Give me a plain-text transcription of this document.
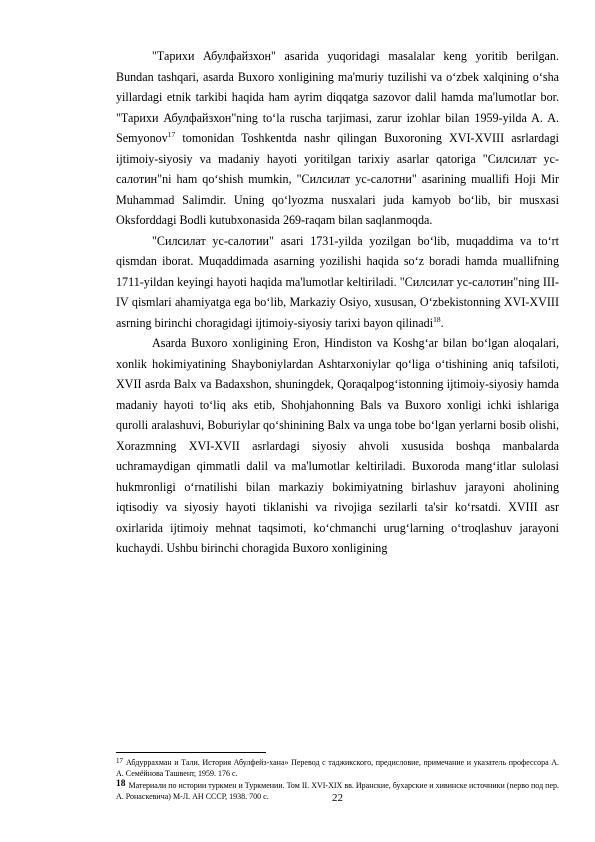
"Тарихи Абулфайзхон" asarida yuqoridagi masalalar keng yoritib berilgan. Bundan tashqari, asarda Buxoro xonligining ma'muriy tuzilishi va o‘zbek xalqining o‘sha yillardagi etnik tarkibi haqida ham ayrim diqqatga sazovor dalil hamda ma'lumotlar bor. "Тарихи Абулфайзхон"ning to‘la ruscha tarjimasi, zarur izohlar bilan 1959-yilda A. A. Semyonov$^{17}$ tomonidan Toshkentda nashr qilingan Buxoroning XVI-XVIII asrlardagi ijtimoiy-siyosiy va madaniy hayoti yoritilgan tarixiy asarlar qatoriga "Силсилат ус-салотин"ni ham qo‘shish mumkin, "Силсилат ус-салотни" asarining muallifi Hoji Mir Muhammad Salimdir. Uning qo‘lyozma nusxalari juda kamyob bo‘lib, bir musxasi Oksforddagi Bodli kutubxonasida 269-raqam bilan saqlanmoqda.

"Силсилат ус-салотии" asari 1731-yilda yozilgan bo‘lib, muqaddima va to‘rt qismdan iborat. Muqaddimada asarning yozilishi haqida so‘z boradi hamda muallifning 1711-yildan keyingi hayoti haqida ma'lumotlar keltiriladi. "Силсилат ус-салотин"ning III-IV qismlari ahamiyatga ega bo‘lib, Markaziy Osiyo, xususan, O‘zbekistonning XVI-XVIII asrning birinchi choragidagi ijtimoiy-siyosiy tarixi bayon qilinadi$^{18}$.

Asarda Buxoro xonligining Eron, Hindiston va Koshg‘ar bilan bo‘lgan aloqalari, xonlik hokimiyatining Shayboniylardan Ashtarxoniylar qo‘liga o‘tishining aniq tafsiloti, XVII asrda Balx va Badaxshon, shuningdek, Qoraqalpog‘istonning ijtimoiy-siyosiy hamda madaniy hayoti to‘liq aks etib, Shohjahonning Bals va Buxoro xonligi ichki ishlariga qurolli aralashuvi, Boburiylar qo‘shinining Balx va unga tobe bo‘lgan yerlarni bosib olishi, Xorazmning XVI-XVII asrlardagi siyosiy ahvoli xususida boshqa manbalarda uchramaydigan qimmatli dalil va ma'lumotlar keltiriladi. Buxoroda mang‘itlar sulolasi hukmronligi o‘rnatilishi bilan markaziy bokimiyatning birlashuv jarayoni aholining iqtisodiy va siyosiy hayoti tiklanishi va rivojiga sezilarli ta'sir ko‘rsatdi. XVIII asr oxirlarida ijtimoiy mehnat taqsimoti, ko‘chmanchi urug‘larning o‘troqlashuv jarayoni kuchaydi. Ushbu birinchi choragida Buxoro xonligining

17 Абдуррахман и Тали. История Абулфейз-хана» Перевод с таджикского, предисловие, примечание и указатель профессора А. А. Семёйнова Ташвент, 1959. 176 с.

18 Материали по истории туркмен и Туркмении. Том II. XVI-XIX вв. Иранские, бухарские и хивинске источники (перво под пер. А. Ронаскевича) М-Л. АН СССР, 1938. 700 с.	22
